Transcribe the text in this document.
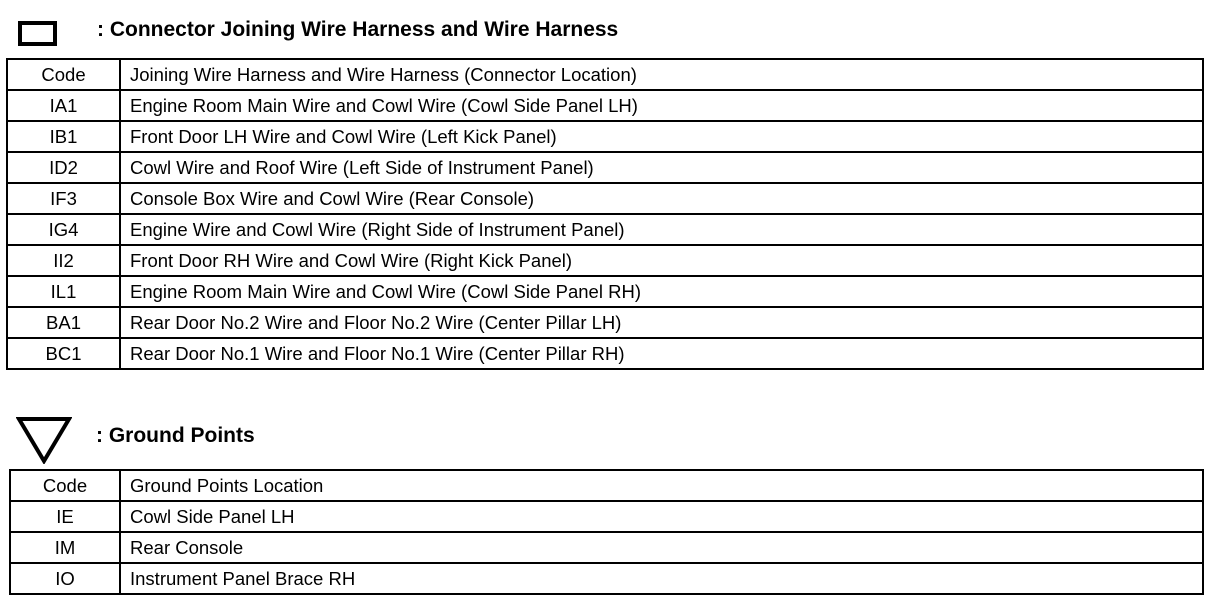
: Connector Joining Wire Harness and Wire Harness
Code	Joining Wire Harness and Wire Harness (Connector Location)
IA1	Engine Room Main Wire and Cowl Wire (Cowl Side Panel LH)
IB1	Front Door LH Wire and Cowl Wire (Left Kick Panel)
ID2	Cowl Wire and Roof Wire (Left Side of Instrument Panel)
IF3	Console Box Wire and Cowl Wire (Rear Console)
IG4	Engine Wire and Cowl Wire (Right Side of Instrument Panel)
II2	Front Door RH Wire and Cowl Wire (Right Kick Panel)
IL1	Engine Room Main Wire and Cowl Wire (Cowl Side Panel RH)
BA1	Rear Door No.2 Wire and Floor No.2 Wire (Center Pillar LH)
BC1	Rear Door No.1 Wire and Floor No.1 Wire (Center Pillar RH)
: Ground Points
Code	Ground Points Location
IE	Cowl Side Panel LH
IM	Rear Console
IO	Instrument Panel Brace RH
